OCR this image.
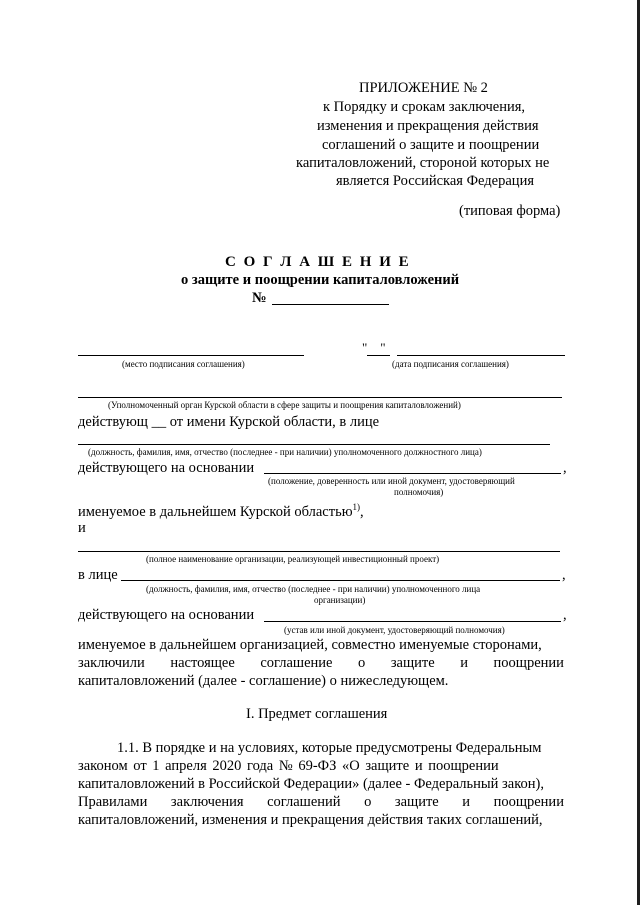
ПРИЛОЖЕНИЕ № 2
к Порядку и срокам заключения,
изменения и прекращения действия
соглашений о защите и поощрении
капиталовложений, стороной которых не
является Российская Федерация
(типовая форма)
С О Г Л А Ш Е Н И Е
о защите и поощрении капиталовложений
№
"    "
(место подписания соглашения)	(дата подписания соглашения)
(Уполномоченный орган Курской области в сфере защиты и поощрения капиталовложений)
действующ __ от имени Курской области, в лице
(должность, фамилия, имя, отчество (последнее - при наличии) уполномоченного должностного лица)
действующего на основании	,
(положение, доверенность или иной документ, удостоверяющий
полномочия)
именуемое в дальнейшем Курской областью$^{1)}$,
и
(полное наименование организации, реализующей инвестиционный проект)
в лице	,
(должность, фамилия, имя, отчество (последнее - при наличии) уполномоченного лица
организации)
действующего на основании	,
(устав или иной документ, удостоверяющий полномочия)
именуемое в дальнейшем организацией, совместно именуемые сторонами,
заключили настоящее соглашение о защите и поощрении
капиталовложений (далее - соглашение) о нижеследующем.
I. Предмет соглашения
1.1. В порядке и на условиях, которые предусмотрены Федеральным
законом от 1 апреля 2020 года № 69-ФЗ «О защите и поощрении
капиталовложений в Российской Федерации» (далее - Федеральный закон),
Правилами заключения соглашений о защите и поощрении
капиталовложений, изменения и прекращения действия таких соглашений,
